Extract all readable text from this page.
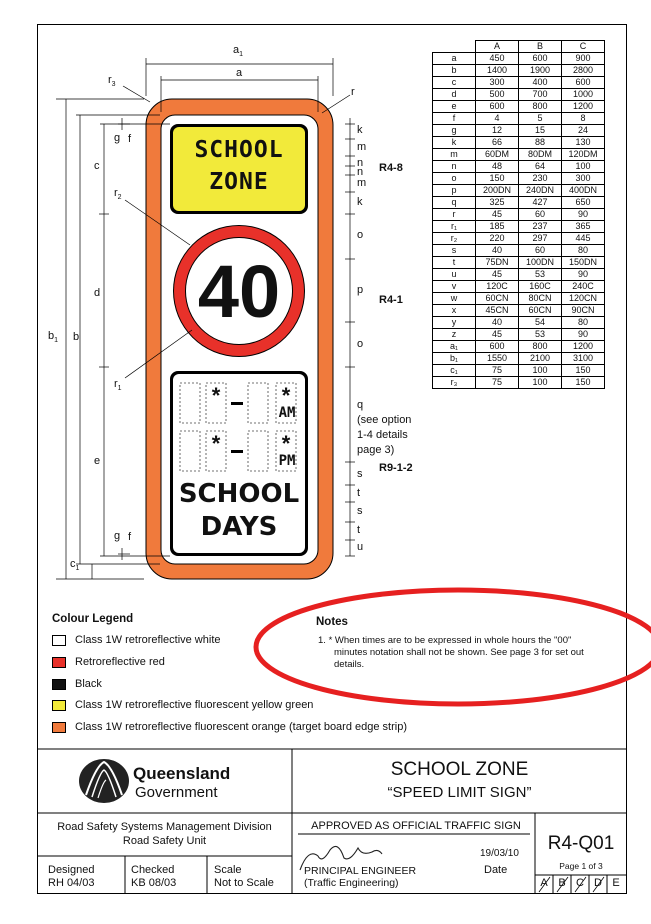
SCHOOL
ZONE
40
*	*
*	*
AM
PM
SCHOOL
DAYS
$a_1$
a
$r_3$
r
$r_2$
$r_1$
$b_1$ b
c
d
e
$c_1$
g f
g f
k
m
n
n
m
k
o
p
o
q
(see option
1-4 details
page 3)
s
t
s
t
u
R4-8
R4-1
R9-1-2
	A	B	C
a	450	600	900
b	1400	1900	2800
c	300	400	600
d	500	700	1000
e	600	800	1200
f	4	5	8
g	12	15	24
k	66	88	130
m	60DM	80DM	120DM
n	48	64	100
o	150	230	300
p	200DN	240DN	400DN
q	325	427	650
r	45	60	90
r₁	185	237	365
r₂	220	297	445
s	40	60	80
t	75DN	100DN	150DN
u	45	53	90
v	120C	160C	240C
w	60CN	80CN	120CN
x	45CN	60CN	90CN
y	40	54	80
z	45	53	90
a₁	600	800	1200
b₁	1550	2100	3100
c₁	75	100	150
r₃	75	100	150
Colour Legend
Class 1W retroreflective white
Retroreflective red
Black
Class 1W retroreflective fluorescent yellow green
Class 1W retroreflective fluorescent orange (target board edge strip)
Notes
1. * When times are to be expressed in whole hours the "00"
minutes notation shall not be shown. See page 3 for set out
details.
Queensland
Government
SCHOOL ZONE
“SPEED LIMIT SIGN”
Road Safety Systems Management Division
Road Safety Unit
APPROVED AS OFFICIAL TRAFFIC SIGN
PRINCIPAL ENGINEER
(Traffic Engineering)
19/03/10
Date
R4-Q01
Page 1 of 3
A B C D E
Designed
RH 04/03
Checked
KB 08/03
Scale
Not to Scale
